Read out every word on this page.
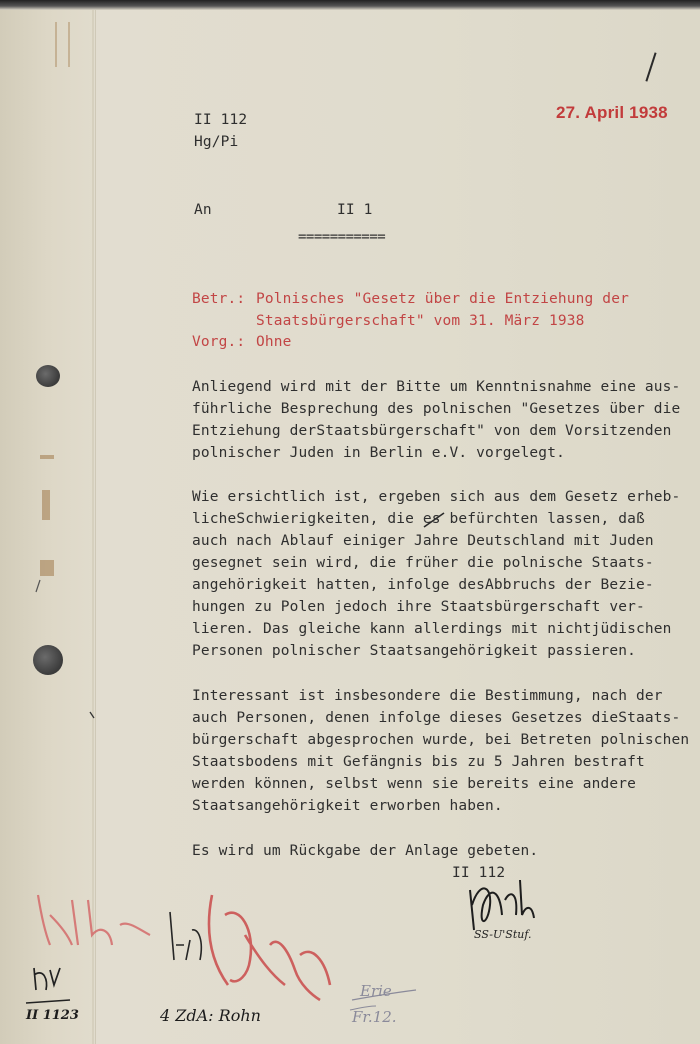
II 112
Hg/Pi
27. April 1938
An	II 1
===========
Betr.: Polnisches "Gesetz über die Entziehung der
Staatsbürgerschaft" vom 31. März 1938
Vorg.: Ohne
Anliegend wird mit der Bitte um Kenntnisnahme eine aus-
führliche Besprechung des polnischen "Gesetzes über die
Entziehung derStaatsbürgerschaft" von dem Vorsitzenden
polnischer Juden in Berlin e.V. vorgelegt.
Wie ersichtlich ist, ergeben sich aus dem Gesetz erheb-
licheSchwierigkeiten, die es befürchten lassen, daß
auch nach Ablauf einiger Jahre Deutschland mit Juden
gesegnet sein wird, die früher die polnische Staats-
angehörigkeit hatten, infolge desAbbruchs der Bezie-
hungen zu Polen jedoch ihre Staatsbürgerschaft ver-
lieren. Das gleiche kann allerdings mit nichtjüdischen
Personen polnischer Staatsangehörigkeit passieren.
Interessant ist insbesondere die Bestimmung, nach der
auch Personen, denen infolge dieses Gesetzes dieStaats-
bürgerschaft abgesprochen wurde, bei Betreten polnischen
Staatsbodens mit Gefängnis bis zu 5 Jahren bestraft
werden können, selbst wenn sie bereits eine andere
Staatsangehörigkeit erworben haben.
Es wird um Rückgabe der Anlage gebeten.
II 112
SS-U'Stuf.
II 1123	4 ZdA: Rohn
Erie
Fr.12.
